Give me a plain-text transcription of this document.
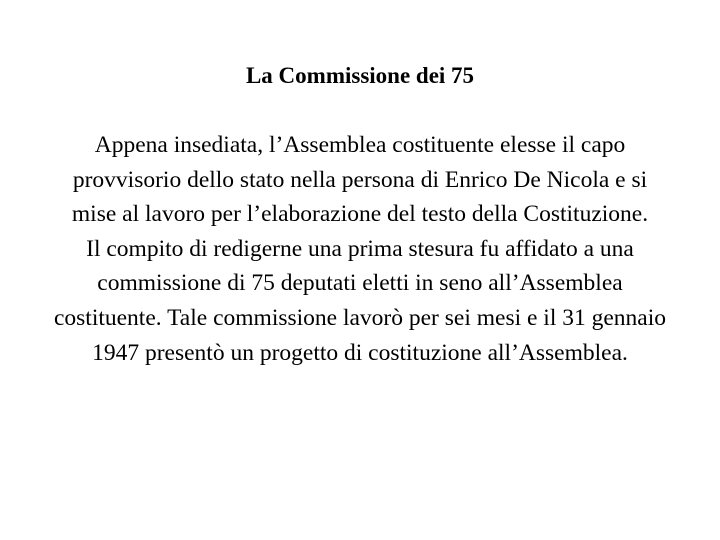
La Commissione dei 75

Appena insediata, l’Assemblea costituente elesse il capo provvisorio dello stato nella persona di Enrico De Nicola e si mise al lavoro per l’elaborazione del testo della Costituzione.

Il compito di redigerne una prima stesura fu affidato a una commissione di 75 deputati eletti in seno all’Assemblea costituente. Tale commissione lavorò per sei mesi e il 31 gennaio 1947 presentò un progetto di costituzione all’Assemblea.
